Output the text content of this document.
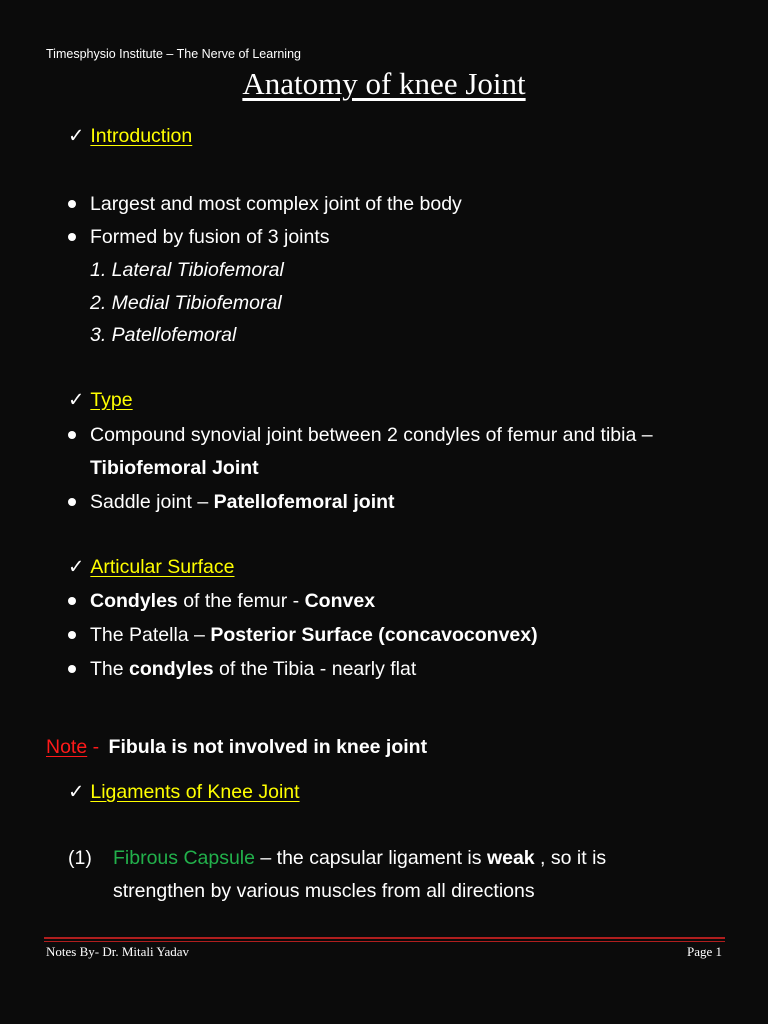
Timesphysio Institute – The Nerve of Learning
Anatomy of knee Joint
✓ Introduction
Largest and most complex joint of the body
Formed by fusion of 3 joints
1. Lateral Tibiofemoral
2. Medial Tibiofemoral
3. Patellofemoral
✓ Type
Compound synovial joint between 2 condyles of femur and tibia –
Tibiofemoral Joint
Saddle joint – Patellofemoral joint
✓ Articular Surface
Condyles of the femur - Convex
The Patella – Posterior Surface (concavoconvex)
The condyles of the Tibia - nearly flat
Note - Fibula is not involved in knee joint
✓ Ligaments of Knee Joint
(1) Fibrous Capsule – the capsular ligament is weak , so it is
strengthen by various muscles from all directions
Notes By- Dr. Mitali Yadav	Page 1
